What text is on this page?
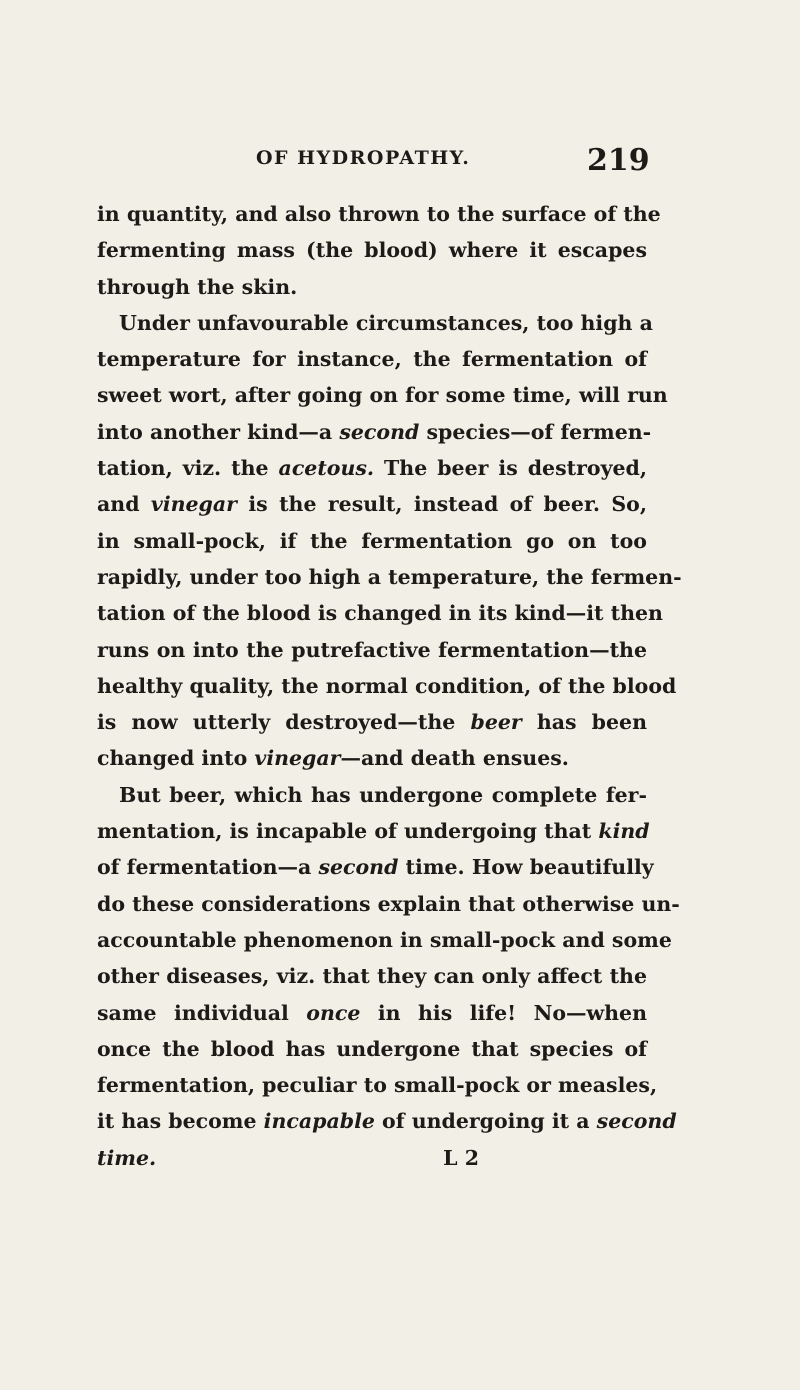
OF HYDROPATHY.	219
in quantity, and also thrown to the surface of the
fermenting mass (the blood) where it escapes
through the skin.
Under unfavourable circumstances, too high a
temperature for instance, the fermentation of
sweet wort, after going on for some time, will run
into another kind—a second species—of fermen-
tation, viz. the acetous. The beer is destroyed,
and vinegar is the result, instead of beer. So,
in small-pock, if the fermentation go on too
rapidly, under too high a temperature, the fermen-
tation of the blood is changed in its kind—it then
runs on into the putrefactive fermentation—the
healthy quality, the normal condition, of the blood
is now utterly destroyed—the beer has been
changed into vinegar—and death ensues.
But beer, which has undergone complete fer-
mentation, is incapable of undergoing that kind
of fermentation—a second time. How beautifully
do these considerations explain that otherwise un-
accountable phenomenon in small-pock and some
other diseases, viz. that they can only affect the
same individual once in his life! No—when
once the blood has undergone that species of
fermentation, peculiar to small-pock or measles,
it has become incapable of undergoing it a second
time.	L 2
